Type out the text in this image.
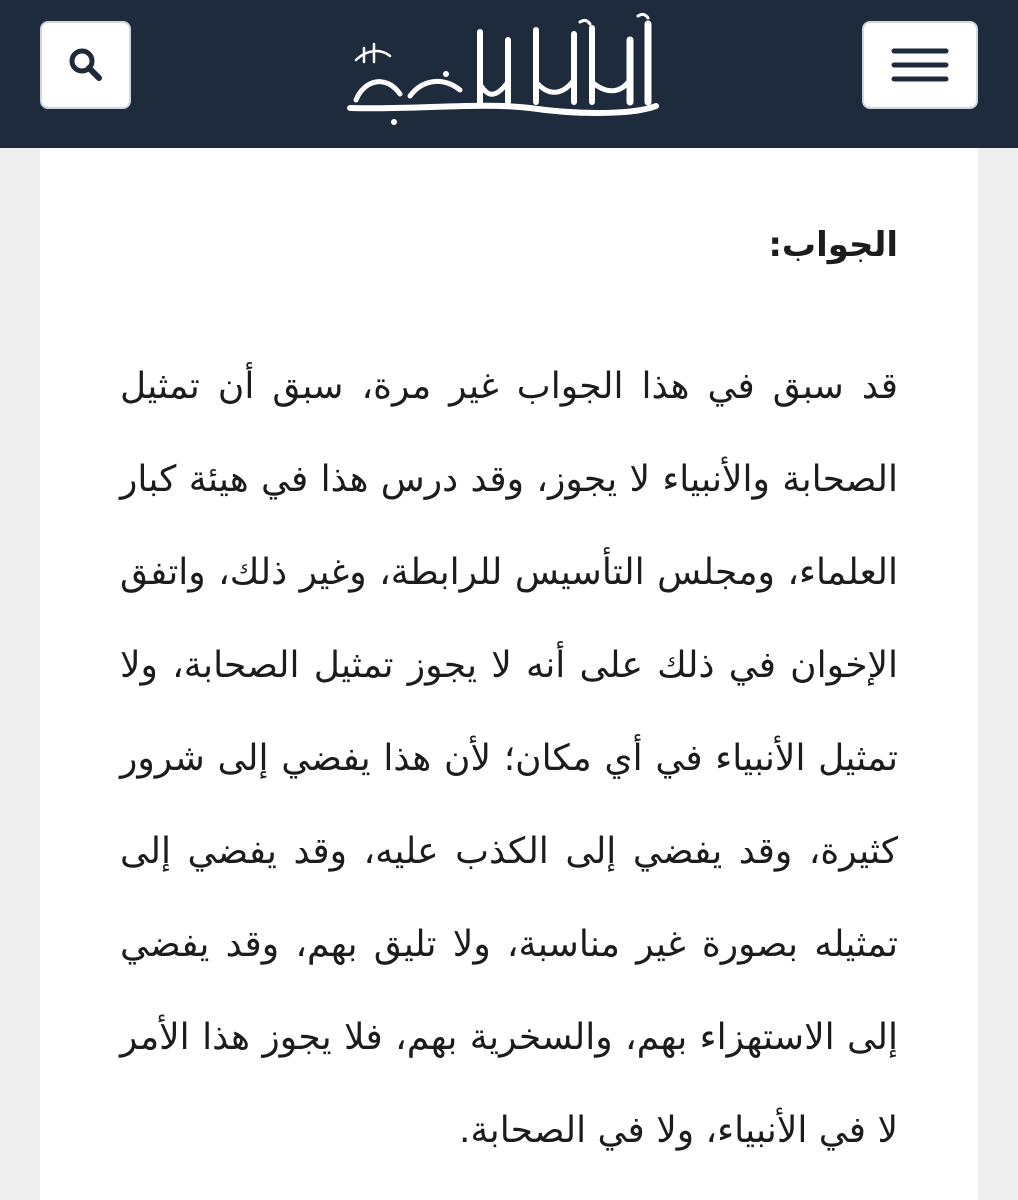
الجواب:

قد سبق في هذا الجواب غير مرة، سبق أن تمثيل الصحابة والأنبياء لا يجوز، وقد درس هذا في هيئة كبار العلماء، ومجلس التأسيس للرابطة، وغير ذلك، واتفق الإخوان في ذلك على أنه لا يجوز تمثيل الصحابة، ولا تمثيل الأنبياء في أي مكان؛ لأن هذا يفضي إلى شرور كثيرة، وقد يفضي إلى الكذب عليه، وقد يفضي إلى تمثيله بصورة غير مناسبة، ولا تليق بهم، وقد يفضي إلى الاستهزاء بهم، والسخرية بهم، فلا يجوز هذا الأمر لا في الأنبياء، ولا في الصحابة.
